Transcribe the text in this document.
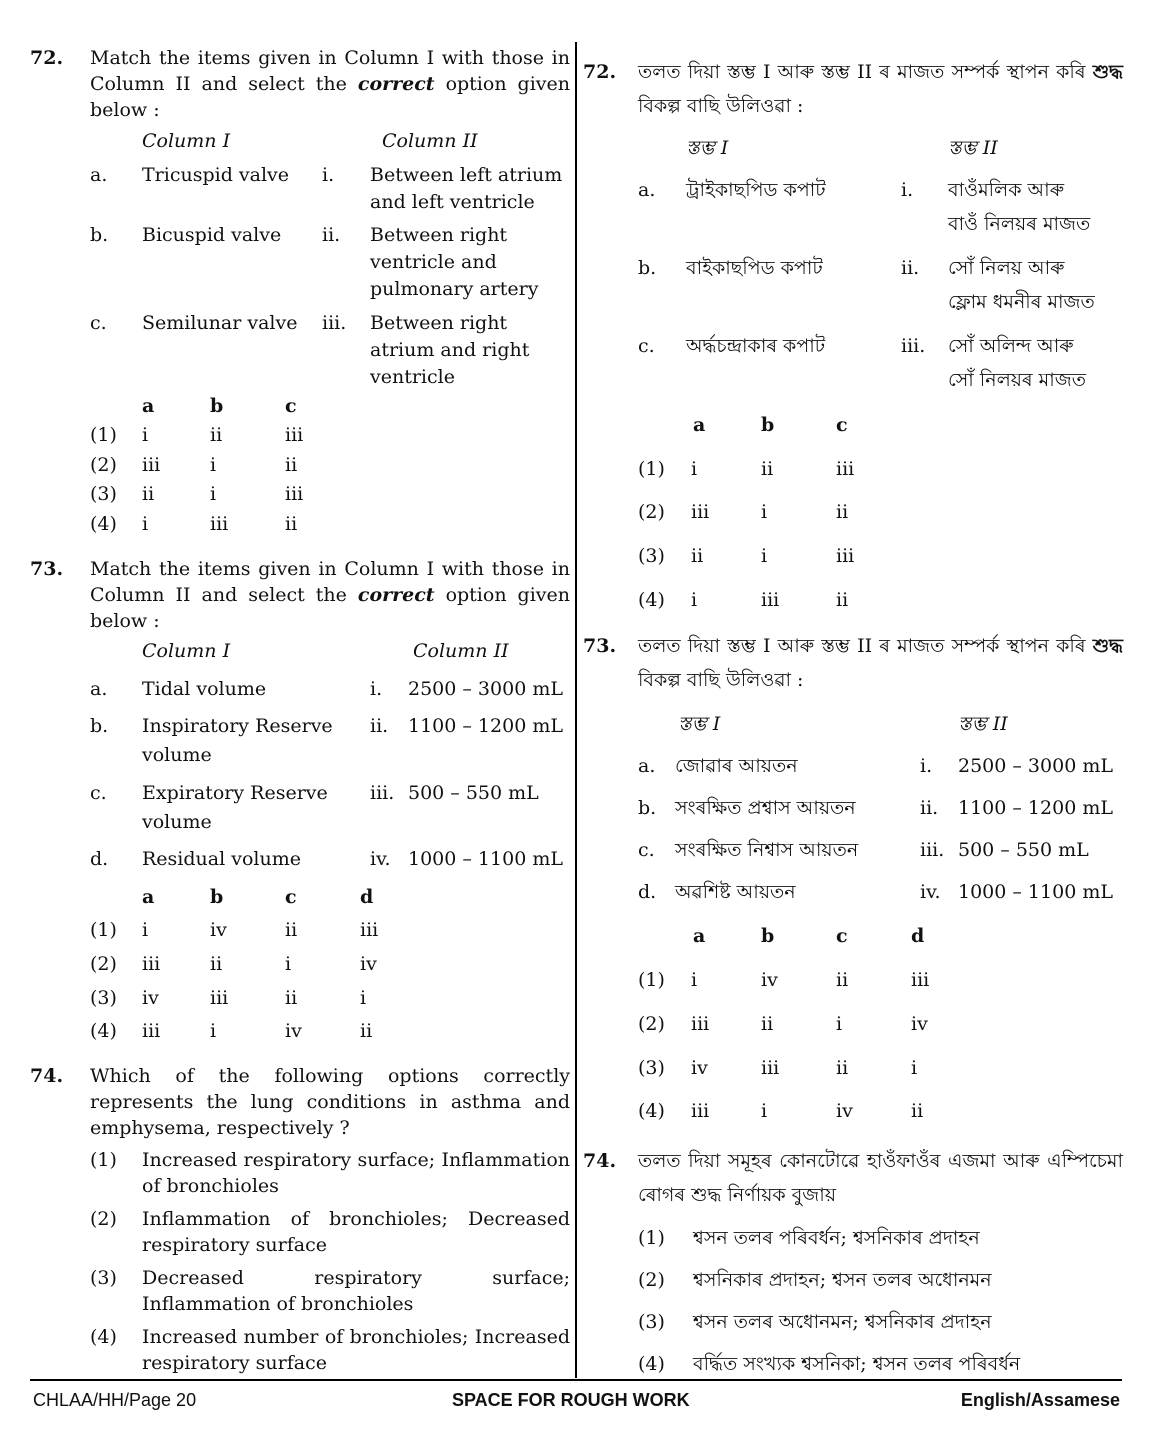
72. Match the items given in Column I with those in Column II and select the correct option given below :
Column I	Column II
a. Tricuspid valve i. Between left atrium
and left ventricle
b. Bicuspid valve ii. Between right
ventricle and
pulmonary artery
c. Semilunar valve iii. Between right
atrium and right
ventricle
a	b	c
(1) i	ii	iii
(2) iii	i	ii
(3) ii	i	iii
(4) i	iii	ii
73. Match the items given in Column I with those in Column II and select the correct option given below :
Column I	Column II
a. Tidal volume	i. 2500 – 3000 mL
b. Inspiratory Reserve
volume
ii. 1100 – 1200 mL
c. Expiratory Reserve
volume
iii. 500 – 550 mL
d. Residual volume	iv. 1000 – 1100 mL
a	b	c	d
(1) i	iv	ii	iii
(2) iii	ii	i	iv
(3) iv	iii	ii	i
(4) iii	i	iv	ii
74. Which of the following options correctly represents the lung conditions in asthma and emphysema, respectively ?
(1) Increased respiratory surface; Inflammation of bronchioles
(2) Inflammation of bronchioles; Decreased respiratory surface
(3) Decreased respiratory surface; Inflammation of bronchioles
(4) Increased number of bronchioles; Increased respiratory surface
72. তলত দিয়া স্তম্ভ I আৰু স্তম্ভ II ৰ মাজত সম্পৰ্ক স্থাপন কৰি শুদ্ধ বিকল্প বাছি উলিওৱা :
স্তম্ভ I	স্তম্ভ II
a. ট্ৰাইকাছপিড কপাট	i. বাওঁমলিক আৰু
বাওঁ নিলয়ৰ মাজত
b. বাইকাছপিড কপাট	ii. সোঁ নিলয় আৰু
ফ্লোম ধমনীৰ মাজত
c. অৰ্দ্ধচন্দ্ৰাকাৰ কপাট	iii. সোঁ অলিন্দ আৰু
সোঁ নিলয়ৰ মাজত
a	b	c
(1) i	ii	iii
(2) iii	i	ii
(3) ii	i	iii
(4) i	iii	ii
73. তলত দিয়া স্তম্ভ I আৰু স্তম্ভ II ৰ মাজত সম্পৰ্ক স্থাপন কৰি শুদ্ধ বিকল্প বাছি উলিওৱা :
স্তম্ভ I	স্তম্ভ II
a. জোৱাৰ আয়তন	i. 2500 – 3000 mL
b. সংৰক্ষিত প্ৰশ্বাস আয়তন	ii. 1100 – 1200 mL
c. সংৰক্ষিত নিশ্বাস আয়তন	iii. 500 – 550 mL
d. অৱশিষ্ট আয়তন	iv. 1000 – 1100 mL
a	b	c	d
(1) i	iv	ii	iii
(2) iii	ii	i	iv
(3) iv	iii	ii	i
(4) iii	i	iv	ii
74. তলত দিয়া সমূহৰ কোনটোৱে হাওঁফাওঁৰ এজমা আৰু এম্পিচেমা ৰোগৰ শুদ্ধ নিৰ্ণায়ক বুজায়
(1) শ্বসন তলৰ পৰিবৰ্ধন; শ্বসনিকাৰ প্ৰদাহন
(2) শ্বসনিকাৰ প্ৰদাহন; শ্বসন তলৰ অধোনমন
(3) শ্বসন তলৰ অধোনমন; শ্বসনিকাৰ প্ৰদাহন
(4) বৰ্দ্ধিত সংখ্যক শ্বসনিকা; শ্বসন তলৰ পৰিবৰ্ধন
CHLAA/HH/Page 20	SPACE FOR ROUGH WORK	English/Assamese
